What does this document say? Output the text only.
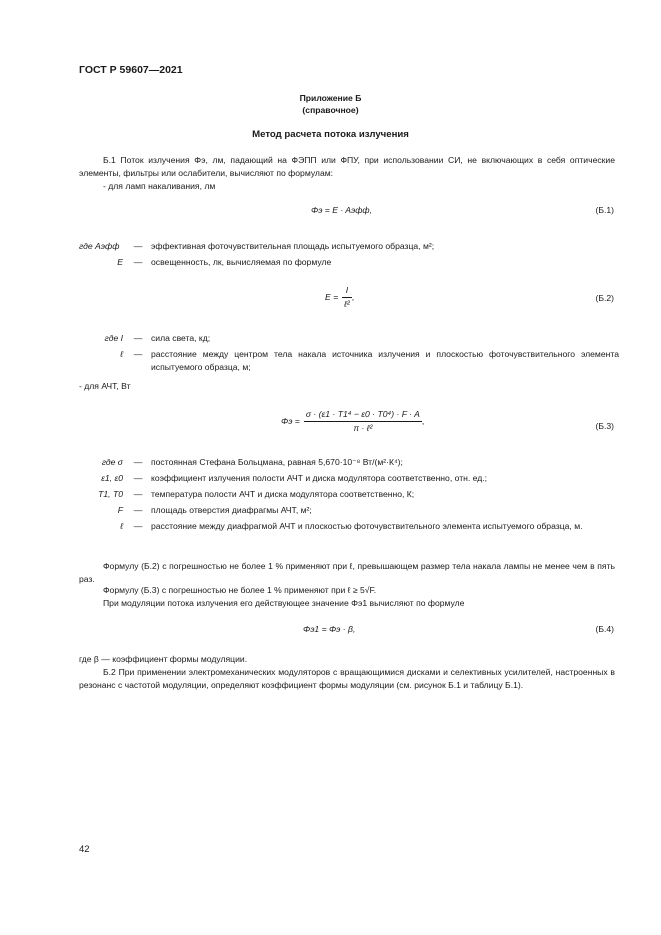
ГОСТ Р 59607—2021
Приложение Б
(справочное)
Метод расчета потока излучения
Б.1 Поток излучения Φэ, лм, падающий на ФЭПП или ФПУ, при использовании СИ, не включающих в себя оптические элементы, фильтры или ослабители, вычисляют по формулам:
- для ламп накаливания, лм
Φэ = E · Aэфф,	(Б.1)
где Aэфф	—	эффективная фоточувствительная площадь испытуемого образца, м²;
E	—	освещенность, лк, вычисляемая по формуле
$E = \frac{I}{\text{ℓ²}}$ ,	(Б.2)
где I	—	сила света, кд;
ℓ	—	расстояние между центром тела накала источника излучения и плоскостью фоточувствительного элемента испытуемого образца, м;
- для АЧТ, Вт
$\Phi э = \frac{\text{σ · (ε1 · T1⁴ − ε0 · T0⁴) · F · A}}{\text{π · ℓ²}}$ ,
(Б.3)
где σ	—	постоянная Стефана Больцмана, равная 5,670·10⁻⁸ Вт/(м²·К⁴);
ε1, ε0	—	коэффициент излучения полости АЧТ и диска модулятора соответственно, отн. ед.;
T1, T0	—	температура полости АЧТ и диска модулятора соответственно, К;
F	—	площадь отверстия диафрагмы АЧТ, м²;
ℓ	—	расстояние между диафрагмой АЧТ и плоскостью фоточувствительного элемента испытуемого образца, м.
Формулу (Б.2) с погрешностью не более 1 % применяют при ℓ, превышающем размер тела накала лампы не менее чем в пять раз.
Формулу (Б.3) с погрешностью не более 1 % применяют при ℓ ≥ 5√F.
При модуляции потока излучения его действующее значение Φэ1 вычисляют по формуле
Φэ1 = Φэ · β,	(Б.4)
где β — коэффициент формы модуляции.
Б.2 При применении электромеханических модуляторов с вращающимися дисками и селективных усилителей, настроенных в резонанс с частотой модуляции, определяют коэффициент формы модуляции (см. рисунок Б.1 и таблицу Б.1).
42
